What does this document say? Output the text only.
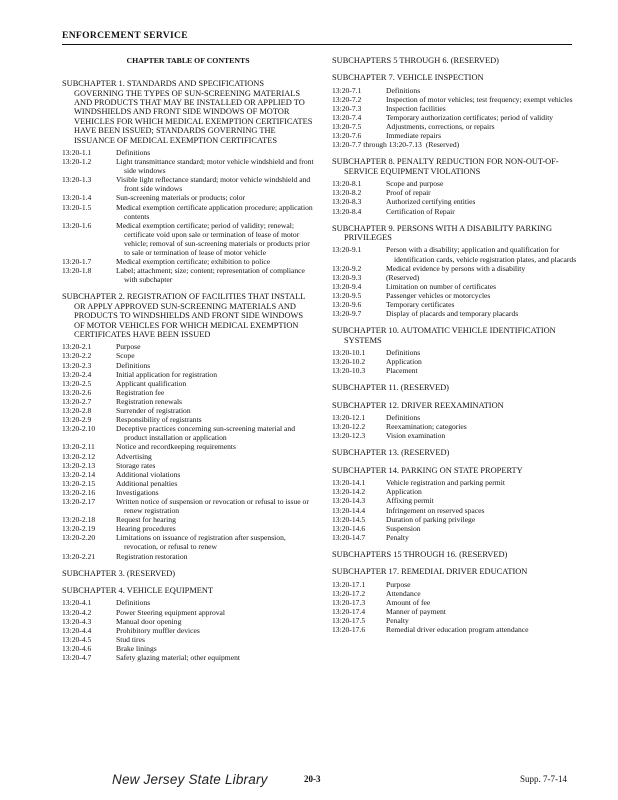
ENFORCEMENT SERVICE
CHAPTER TABLE OF CONTENTS
SUBCHAPTER 1. STANDARDS AND SPECIFICATIONS GOVERNING THE TYPES OF SUN-SCREENING MATERIALS AND PRODUCTS THAT MAY BE INSTALLED OR APPLIED TO WINDSHIELDS AND FRONT SIDE WINDOWS OF MOTOR VEHICLES FOR WHICH MEDICAL EXEMPTION CERTIFICATES HAVE BEEN ISSUED; STANDARDS GOVERNING THE ISSUANCE OF MEDICAL EXEMPTION CERTIFICATES
13:20-1.1	Definitions
13:20-1.2	Light transmittance standard; motor vehicle windshield and front side windows
13:20-1.3	Visible light reflectance standard; motor vehicle windshield and front side windows
13:20-1.4	Sun-screening materials or products; color
13:20-1.5	Medical exemption certificate application procedure; application contents
13:20-1.6	Medical exemption certificate; period of validity; renewal; certificate void upon sale or termination of lease of motor vehicle; removal of sun-screening materials or products prior to sale or termination of lease of motor vehicle
13:20-1.7	Medical exemption certificate; exhibition to police
13:20-1.8	Label; attachment; size; content; representation of compliance with subchapter
SUBCHAPTER 2. REGISTRATION OF FACILITIES THAT INSTALL OR APPLY APPROVED SUN-SCREENING MATERIALS AND PRODUCTS TO WINDSHIELDS AND FRONT SIDE WINDOWS OF MOTOR VEHICLES FOR WHICH MEDICAL EXEMPTION CERTIFICATES HAVE BEEN ISSUED
13:20-2.1	Purpose
13:20-2.2	Scope
13:20-2.3	Definitions
13:20-2.4	Initial application for registration
13:20-2.5	Applicant qualification
13:20-2.6	Registration fee
13:20-2.7	Registration renewals
13:20-2.8	Surrender of registration
13:20-2.9	Responsibility of registrants
13:20-2.10	Deceptive practices concerning sun-screening material and product installation or application
13:20-2.11	Notice and recordkeeping requirements
13:20-2.12	Advertising
13:20-2.13	Storage rates
13:20-2.14	Additional violations
13:20-2.15	Additional penalties
13:20-2.16	Investigations
13:20-2.17	Written notice of suspension or revocation or refusal to issue or renew registration
13:20-2.18	Request for hearing
13:20-2.19	Hearing procedures
13:20-2.20	Limitations on issuance of registration after suspension, revocation, or refusal to renew
13:20-2.21	Registration restoration
SUBCHAPTER 3. (RESERVED)
SUBCHAPTER 4. VEHICLE EQUIPMENT
13:20-4.1	Definitions
13:20-4.2	Power Steering equipment approval
13:20-4.3	Manual door opening
13:20-4.4	Prohibitory muffler devices
13:20-4.5	Stud tires
13:20-4.6	Brake linings
13:20-4.7	Safety glazing material; other equipment
SUBCHAPTERS 5 THROUGH 6. (RESERVED)
SUBCHAPTER 7. VEHICLE INSPECTION
13:20-7.1	Definitions
13:20-7.2	Inspection of motor vehicles; test frequency; exempt vehicles
13:20-7.3	Inspection facilities
13:20-7.4	Temporary authorization certificates; period of validity
13:20-7.5	Adjustments, corrections, or repairs
13:20-7.6	Immediate repairs
13:20-7.7 through 13:20-7.13 (Reserved)
SUBCHAPTER 8. PENALTY REDUCTION FOR NON-OUT-OF-SERVICE EQUIPMENT VIOLATIONS
13:20-8.1	Scope and purpose
13:20-8.2	Proof of repair
13:20-8.3	Authorized certifying entities
13:20-8.4	Certification of Repair
SUBCHAPTER 9. PERSONS WITH A DISABILITY PARKING PRIVILEGES
13:20-9.1	Person with a disability; application and qualification for identification cards, vehicle registration plates, and placards
13:20-9.2	Medical evidence by persons with a disability
13:20-9.3	(Reserved)
13:20-9.4	Limitation on number of certificates
13:20-9.5	Passenger vehicles or motorcycles
13:20-9.6	Temporary certificates
13:20-9.7	Display of placards and temporary placards
SUBCHAPTER 10. AUTOMATIC VEHICLE IDENTIFICATION SYSTEMS
13:20-10.1	Definitions
13:20-10.2	Application
13:20-10.3	Placement
SUBCHAPTER 11. (RESERVED)
SUBCHAPTER 12. DRIVER REEXAMINATION
13:20-12.1	Definitions
13:20-12.2	Reexamination; categories
13:20-12.3	Vision examination
SUBCHAPTER 13. (RESERVED)
SUBCHAPTER 14. PARKING ON STATE PROPERTY
13:20-14.1	Vehicle registration and parking permit
13:20-14.2	Application
13:20-14.3	Affixing permit
13:20-14.4	Infringement on reserved spaces
13:20-14.5	Duration of parking privilege
13:20-14.6	Suspension
13:20-14.7	Penalty
SUBCHAPTERS 15 THROUGH 16. (RESERVED)
SUBCHAPTER 17. REMEDIAL DRIVER EDUCATION
13:20-17.1	Purpose
13:20-17.2	Attendance
13:20-17.3	Amount of fee
13:20-17.4	Manner of payment
13:20-17.5	Penalty
13:20-17.6	Remedial driver education program attendance
New Jersey State Library	20-3	Supp. 7-7-14
